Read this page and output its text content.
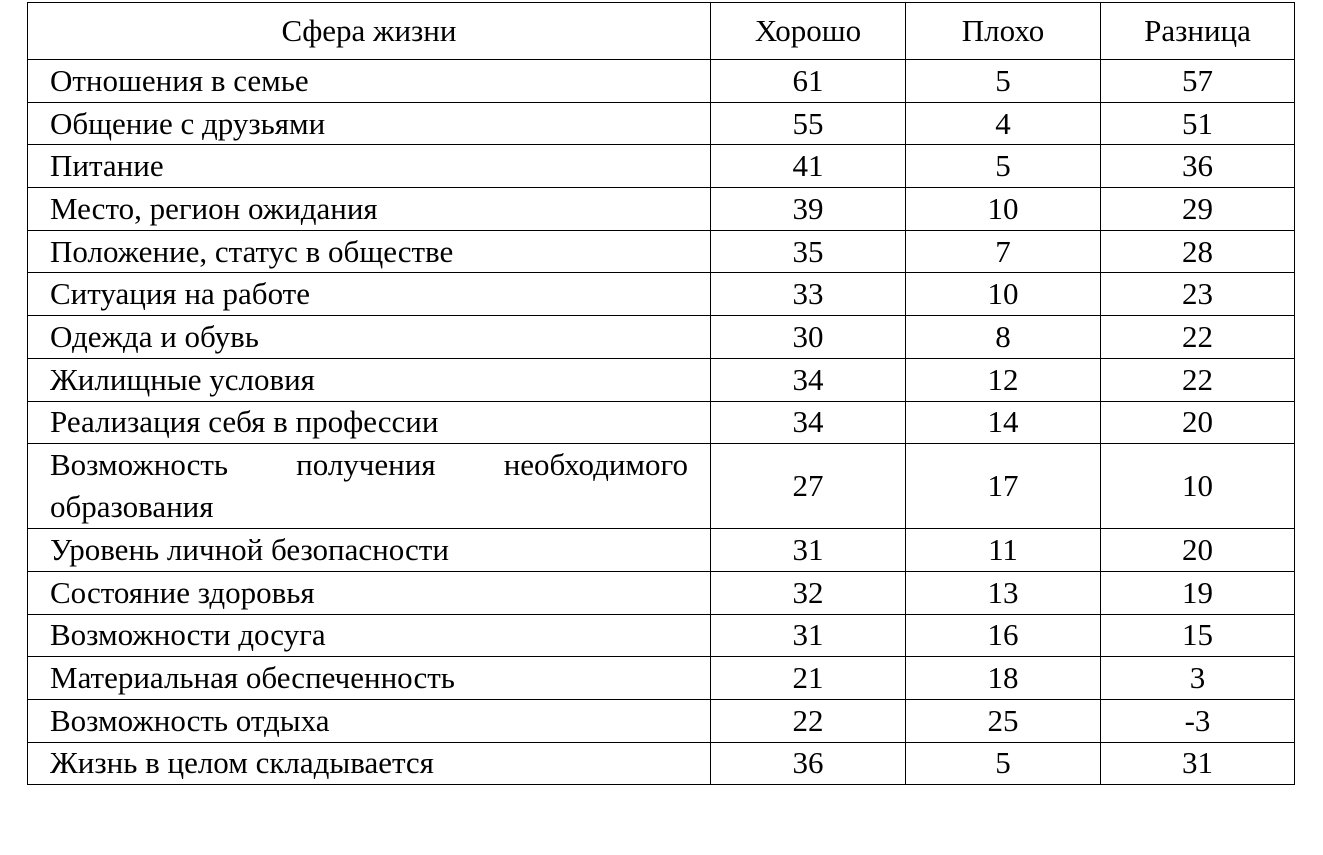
Сфера жизни	Хорошо	Плохо	Разница
Отношения в семье	61	5	57
Общение с друзьями	55	4	51
Питание	41	5	36
Место, регион ожидания	39	10	29
Положение, статус в обществе	35	7	28
Ситуация на работе	33	10	23
Одежда и обувь	30	8	22
Жилищные условия	34	12	22
Реализация себя в профессии	34	14	20
Возможность получения необходимого образования	27	17	10
Уровень личной безопасности	31	11	20
Состояние здоровья	32	13	19
Возможности досуга	31	16	15
Материальная обеспеченность	21	18	3
Возможность отдыха	22	25	-3
Жизнь в целом складывается	36	5	31
